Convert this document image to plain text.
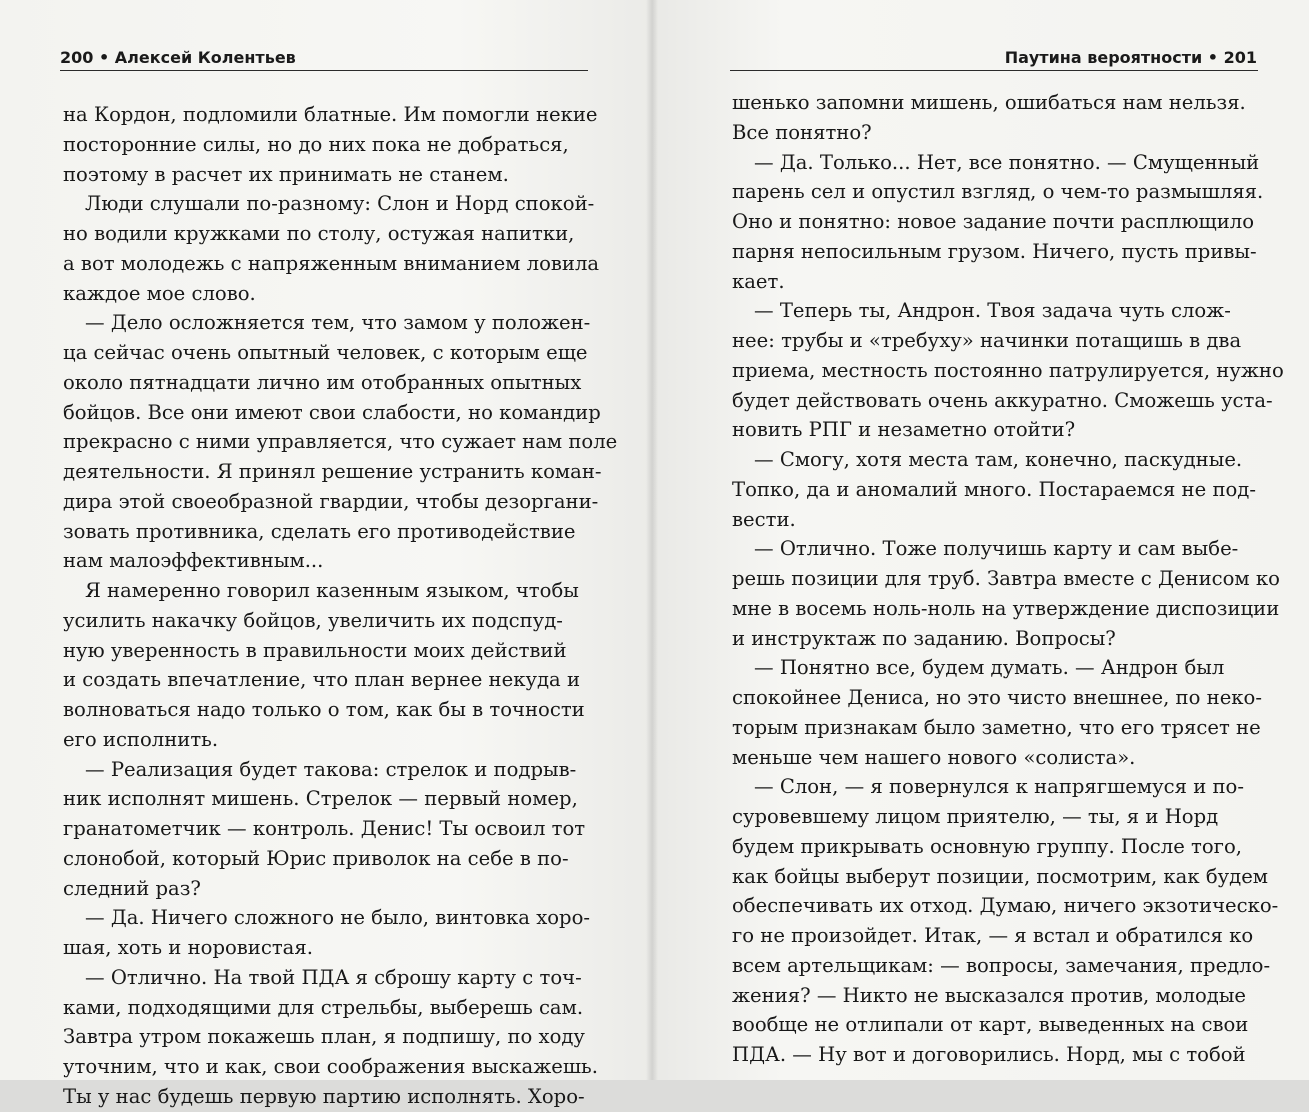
200 • Алексей Колентьев
на Кордон, подломили блатные. Им помогли некие
посторонние силы, но до них пока не добраться,
поэтому в расчет их принимать не станем.
Люди слушали по-разному: Слон и Норд спокой-
но водили кружками по столу, остужая напитки,
а вот молодежь с напряженным вниманием ловила
каждое мое слово.
— Дело осложняется тем, что замом у положен-
ца сейчас очень опытный человек, с которым еще
около пятнадцати лично им отобранных опытных
бойцов. Все они имеют свои слабости, но командир
прекрасно с ними управляется, что сужает нам поле
деятельности. Я принял решение устранить коман-
дира этой своеобразной гвардии, чтобы дезоргани-
зовать противника, сделать его противодействие
нам малоэффективным...
Я намеренно говорил казенным языком, чтобы
усилить накачку бойцов, увеличить их подспуд-
ную уверенность в правильности моих действий
и создать впечатление, что план вернее некуда и
волноваться надо только о том, как бы в точности
его исполнить.
— Реализация будет такова: стрелок и подрыв-
ник исполнят мишень. Стрелок — первый номер,
гранатометчик — контроль. Денис! Ты освоил тот
слонобой, который Юрис приволок на себе в по-
следний раз?
— Да. Ничего сложного не было, винтовка хоро-
шая, хоть и норовистая.
— Отлично. На твой ПДА я сброшу карту с точ-
ками, подходящими для стрельбы, выберешь сам.
Завтра утром покажешь план, я подпишу, по ходу
уточним, что и как, свои соображения выскажешь.
Ты у нас будешь первую партию исполнять. Хоро-
Паутина вероятности • 201
шенько запомни мишень, ошибаться нам нельзя.
Все понятно?
— Да. Только... Нет, все понятно. — Смущенный
парень сел и опустил взгляд, о чем-то размышляя.
Оно и понятно: новое задание почти расплющило
парня непосильным грузом. Ничего, пусть привы-
кает.
— Теперь ты, Андрон. Твоя задача чуть слож-
нее: трубы и «требуху» начинки потащишь в два
приема, местность постоянно патрулируется, нужно
будет действовать очень аккуратно. Сможешь уста-
новить РПГ и незаметно отойти?
— Смогу, хотя места там, конечно, паскудные.
Топко, да и аномалий много. Постараемся не под-
вести.
— Отлично. Тоже получишь карту и сам выбе-
решь позиции для труб. Завтра вместе с Денисом ко
мне в восемь ноль-ноль на утверждение диспозиции
и инструктаж по заданию. Вопросы?
— Понятно все, будем думать. — Андрон был
спокойнее Дениса, но это чисто внешнее, по неко-
торым признакам было заметно, что его трясет не
меньше чем нашего нового «солиста».
— Слон, — я повернулся к напрягшемуся и по-
суровевшему лицом приятелю, — ты, я и Норд
будем прикрывать основную группу. После того,
как бойцы выберут позиции, посмотрим, как будем
обеспечивать их отход. Думаю, ничего экзотическо-
го не произойдет. Итак, — я встал и обратился ко
всем артельщикам: — вопросы, замечания, предло-
жения? — Никто не высказался против, молодые
вообще не отлипали от карт, выведенных на свои
ПДА. — Ну вот и договорились. Норд, мы с тобой
